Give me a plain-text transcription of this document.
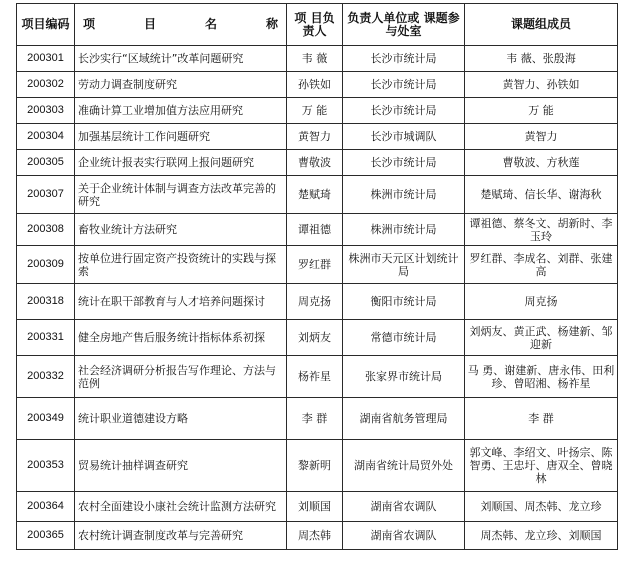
项目编码	项 目 名 称	项 目负责人	负责人单位或 课题参与处室	课题组成员
200301	长沙实行“区域统计”改革问题研究	韦 薇	长沙市统计局	韦 薇、张殷海
200302	劳动力调查制度研究	孙铁如	长沙市统计局	黄智力、孙铁如
200303	准确计算工业增加值方法应用研究	万 能	长沙市统计局	万 能
200304	加强基层统计工作问题研究	黄智力	长沙市城调队	黄智力
200305	企业统计报表实行联网上报问题研究	曹敬波	长沙市统计局	曹敬波、方秋莲
200307	关于企业统计体制与调查方法改革完善的研究	楚赋琦	株洲市统计局	楚赋琦、信长华、谢海秋
200308	畜牧业统计方法研究	谭祖德	株洲市统计局	谭祖德、蔡冬文、胡新时、李玉玲
200309	按单位进行固定资产投资统计的实践与探索	罗红群	株洲市天元区计划统计局	罗红群、李成名、刘群、张建高
200318	统计在职干部教育与人才培养问题探讨	周克扬	衡阳市统计局	周克扬
200331	健全房地产售后服务统计指标体系初探	刘炳友	常德市统计局	刘炳友、黄正武、杨建新、邹迎新
200332	社会经济调研分析报告写作理论、方法与范例	杨祚星	张家界市统计局	马 勇、谢建新、唐永伟、田利珍、曾昭湘、杨祚星
200349	统计职业道德建设方略	李 群	湖南省航务管理局	李 群
200353	贸易统计抽样调查研究	黎新明	湖南省统计局贸外处	郭文峰、李绍文、叶扬宗、陈智勇、王忠圩、唐双全、曾晓林
200364	农村全面建设小康社会统计监测方法研究	刘顺国	湖南省农调队	刘顺国、周杰韩、龙立珍
200365	农村统计调查制度改革与完善研究	周杰韩	湖南省农调队	周杰韩、龙立珍、刘顺国
